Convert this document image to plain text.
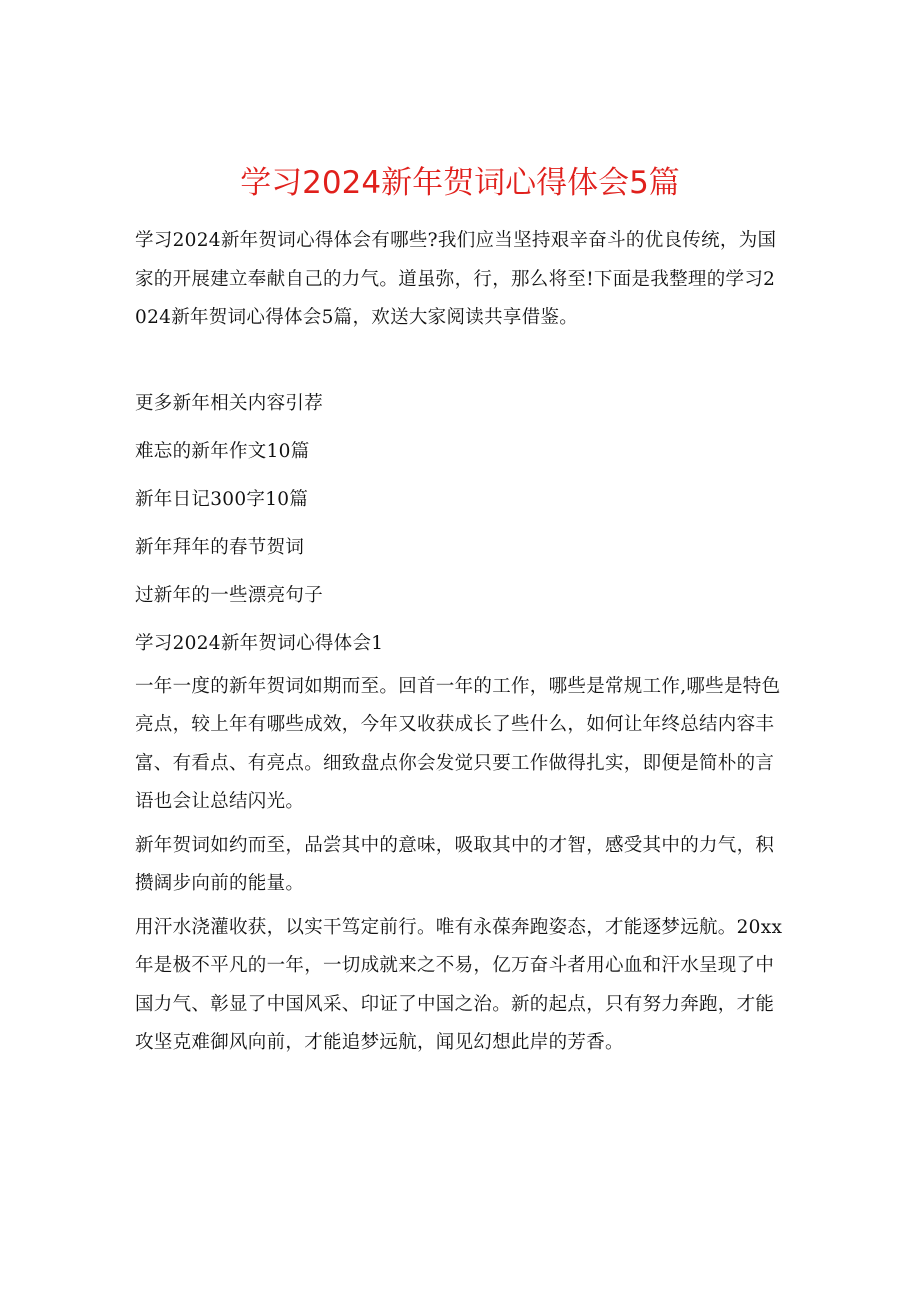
学习2024新年贺词心得体会5篇

学习2024新年贺词心得体会有哪些?我们应当坚持艰辛奋斗的优良传统，为国家的开展建立奉献自己的力气。道虽弥，行，那么将至!下面是我整理的学习2024新年贺词心得体会5篇，欢送大家阅读共享借鉴。

更多新年相关内容引荐

难忘的新年作文10篇

新年日记300字10篇

新年拜年的春节贺词

过新年的一些漂亮句子

学习2024新年贺词心得体会1

一年一度的新年贺词如期而至。回首一年的工作，哪些是常规工作,哪些是特色亮点，较上年有哪些成效，今年又收获成长了些什么，如何让年终总结内容丰富、有看点、有亮点。细致盘点你会发觉只要工作做得扎实，即便是简朴的言语也会让总结闪光。

新年贺词如约而至，品尝其中的意味，吸取其中的才智，感受其中的力气，积攒阔步向前的能量。

用汗水浇灌收获，以实干笃定前行。唯有永葆奔跑姿态，才能逐梦远航。20xx年是极不平凡的一年，一切成就来之不易，亿万奋斗者用心血和汗水呈现了中国力气、彰显了中国风采、印证了中国之治。新的起点，只有努力奔跑，才能攻坚克难御风向前，才能追梦远航，闻见幻想此岸的芳香。
